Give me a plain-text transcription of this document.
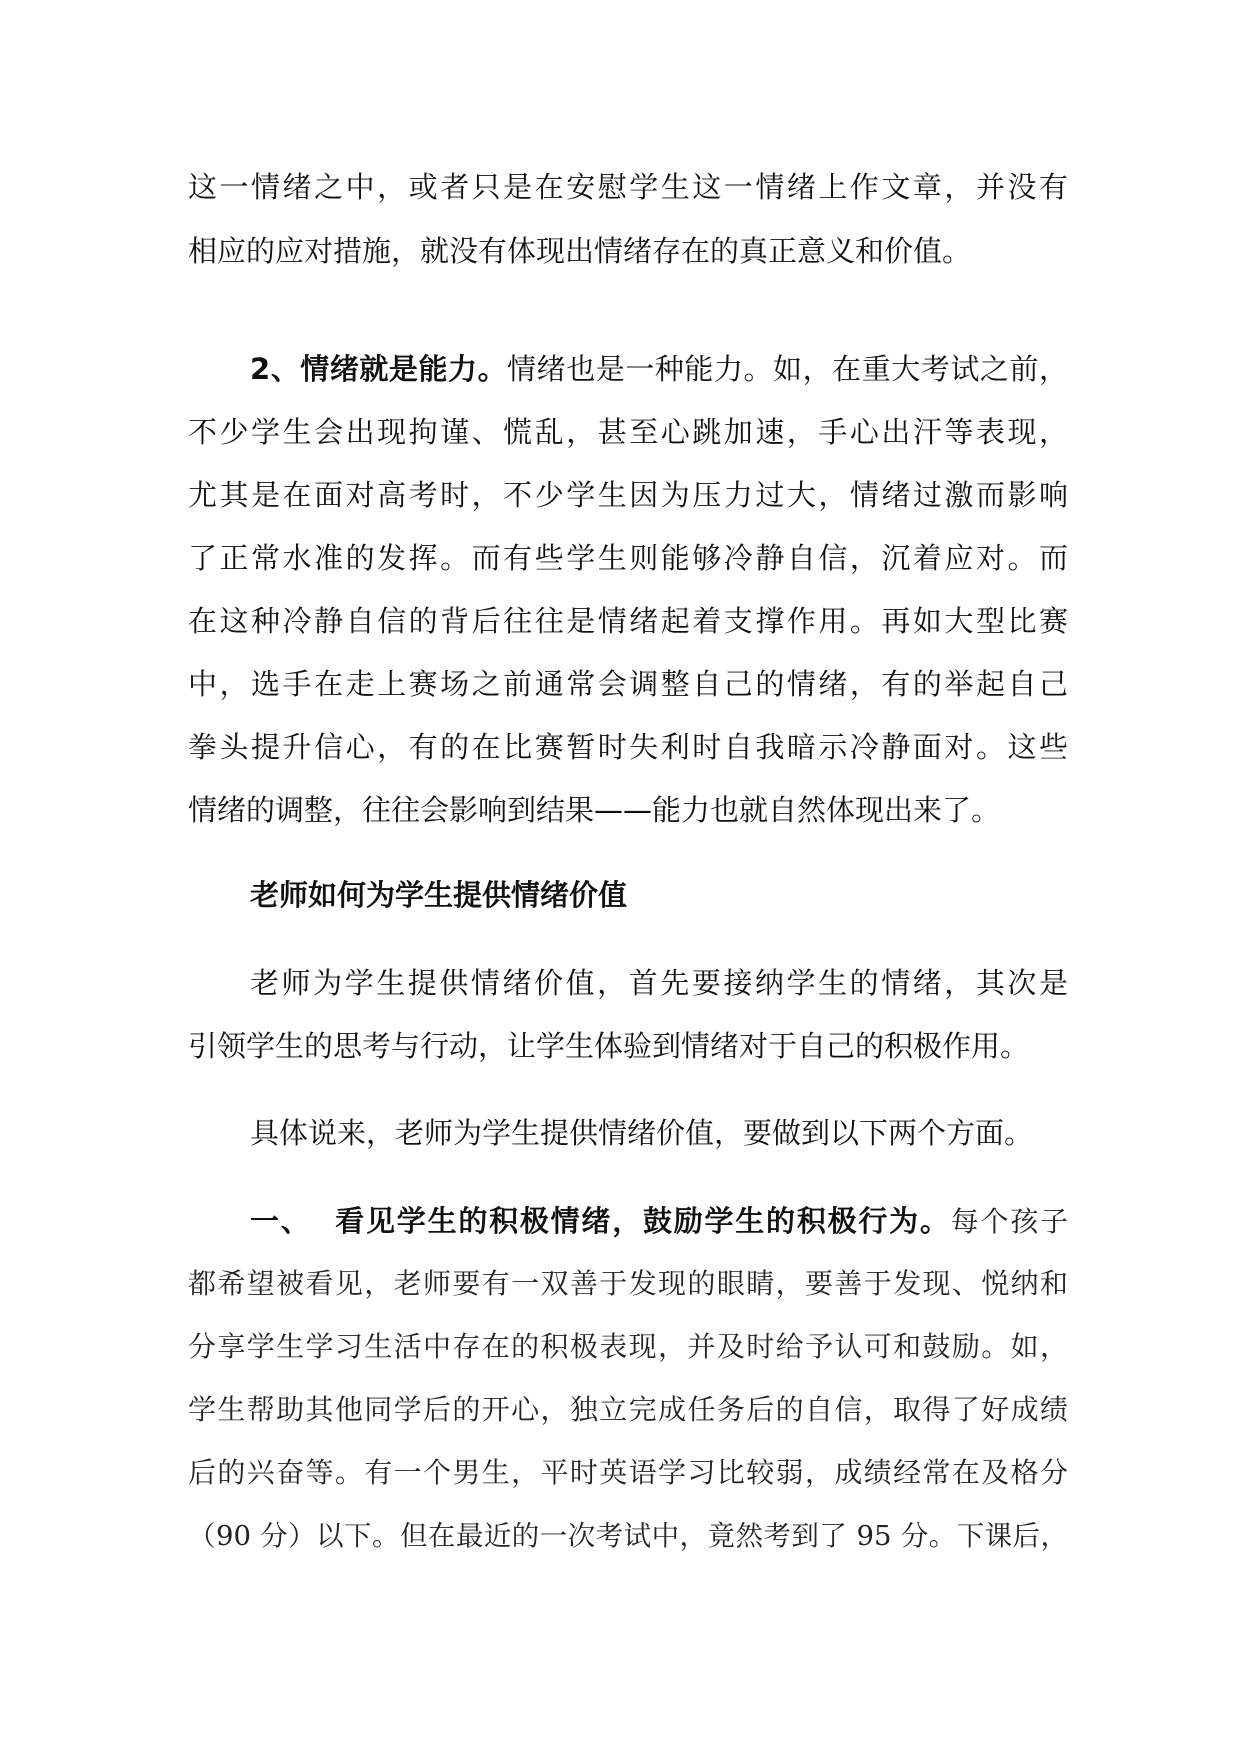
这一情绪之中，或者只是在安慰学生这一情绪上作文章，并没有
相应的应对措施，就没有体现出情绪存在的真正意义和价值。
2、情绪就是能力。情绪也是一种能力。如，在重大考试之前，
不少学生会出现拘谨、慌乱，甚至心跳加速，手心出汗等表现，
尤其是在面对高考时，不少学生因为压力过大，情绪过激而影响
了正常水准的发挥。而有些学生则能够冷静自信，沉着应对。而
在这种冷静自信的背后往往是情绪起着支撑作用。再如大型比赛
中，选手在走上赛场之前通常会调整自己的情绪，有的举起自己
拳头提升信心，有的在比赛暂时失利时自我暗示冷静面对。这些
情绪的调整，往往会影响到结果——能力也就自然体现出来了。
老师如何为学生提供情绪价值
老师为学生提供情绪价值，首先要接纳学生的情绪，其次是
引领学生的思考与行动，让学生体验到情绪对于自己的积极作用。
具体说来，老师为学生提供情绪价值，要做到以下两个方面。
一、  看见学生的积极情绪，鼓励学生的积极行为。每个孩子
都希望被看见，老师要有一双善于发现的眼睛，要善于发现、悦纳和
分享学生学习生活中存在的积极表现，并及时给予认可和鼓励。如，
学生帮助其他同学后的开心，独立完成任务后的自信，取得了好成绩
后的兴奋等。有一个男生，平时英语学习比较弱，成绩经常在及格分
（90 分）以下。但在最近的一次考试中，竟然考到了 95 分。下课后，
